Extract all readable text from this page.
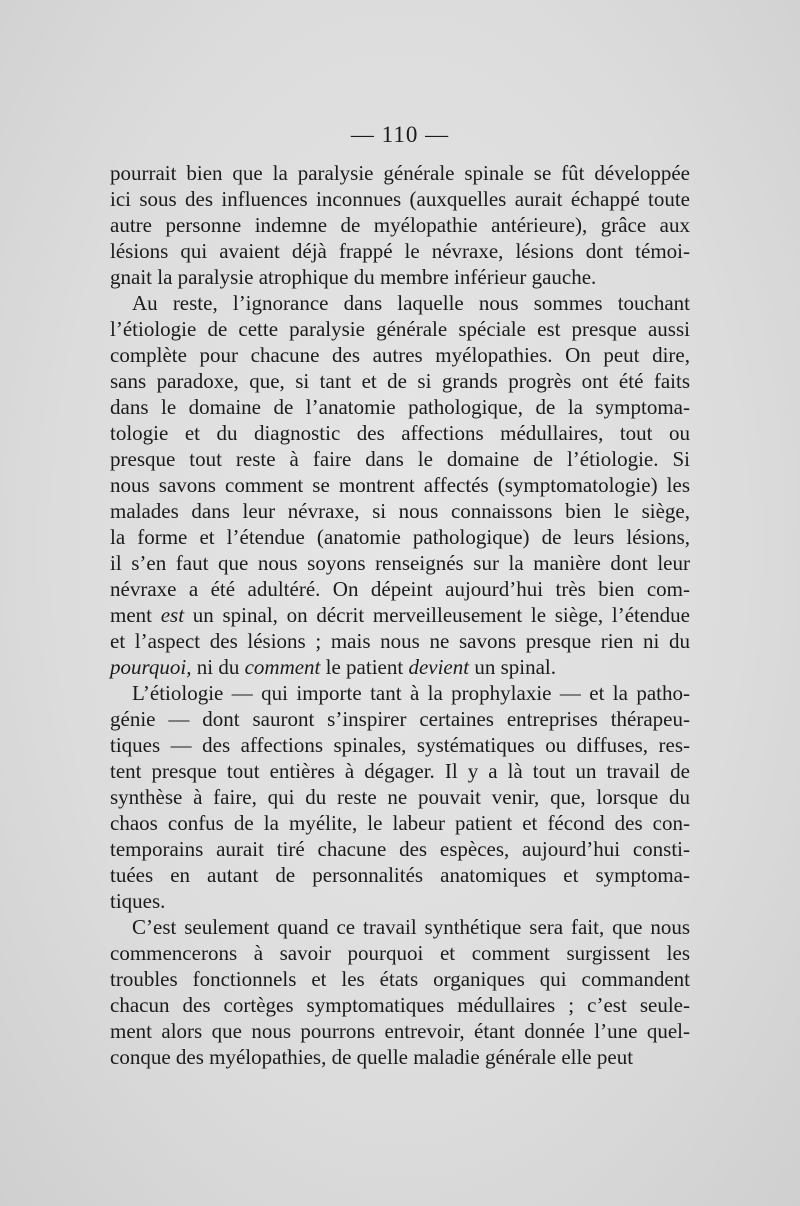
— 110 —
pourrait bien que la paralysie générale spinale se fût développée
ici sous des influences inconnues (auxquelles aurait échappé toute
autre personne indemne de myélopathie antérieure), grâce aux
lésions qui avaient déjà frappé le névraxe, lésions dont témoi-
gnait la paralysie atrophique du membre inférieur gauche.
Au reste, l’ignorance dans laquelle nous sommes touchant
l’étiologie de cette paralysie générale spéciale est presque aussi
complète pour chacune des autres myélopathies. On peut dire,
sans paradoxe, que, si tant et de si grands progrès ont été faits
dans le domaine de l’anatomie pathologique, de la symptoma-
tologie et du diagnostic des affections médullaires, tout ou
presque tout reste à faire dans le domaine de l’étiologie. Si
nous savons comment se montrent affectés (symptomatologie) les
malades dans leur névraxe, si nous connaissons bien le siège,
la forme et l’étendue (anatomie pathologique) de leurs lésions,
il s’en faut que nous soyons renseignés sur la manière dont leur
névraxe a été adultéré. On dépeint aujourd’hui très bien com-
ment est un spinal, on décrit merveilleusement le siège, l’étendue
et l’aspect des lésions ; mais nous ne savons presque rien ni du
pourquoi, ni du comment le patient devient un spinal.
L’étiologie — qui importe tant à la prophylaxie — et la patho-
génie — dont sauront s’inspirer certaines entreprises thérapeu-
tiques — des affections spinales, systématiques ou diffuses, res-
tent presque tout entières à dégager. Il y a là tout un travail de
synthèse à faire, qui du reste ne pouvait venir, que, lorsque du
chaos confus de la myélite, le labeur patient et fécond des con-
temporains aurait tiré chacune des espèces, aujourd’hui consti-
tuées en autant de personnalités anatomiques et symptoma-
tiques.
C’est seulement quand ce travail synthétique sera fait, que nous
commencerons à savoir pourquoi et comment surgissent les
troubles fonctionnels et les états organiques qui commandent
chacun des cortèges symptomatiques médullaires ; c’est seule-
ment alors que nous pourrons entrevoir, étant donnée l’une quel-
conque des myélopathies, de quelle maladie générale elle peut
